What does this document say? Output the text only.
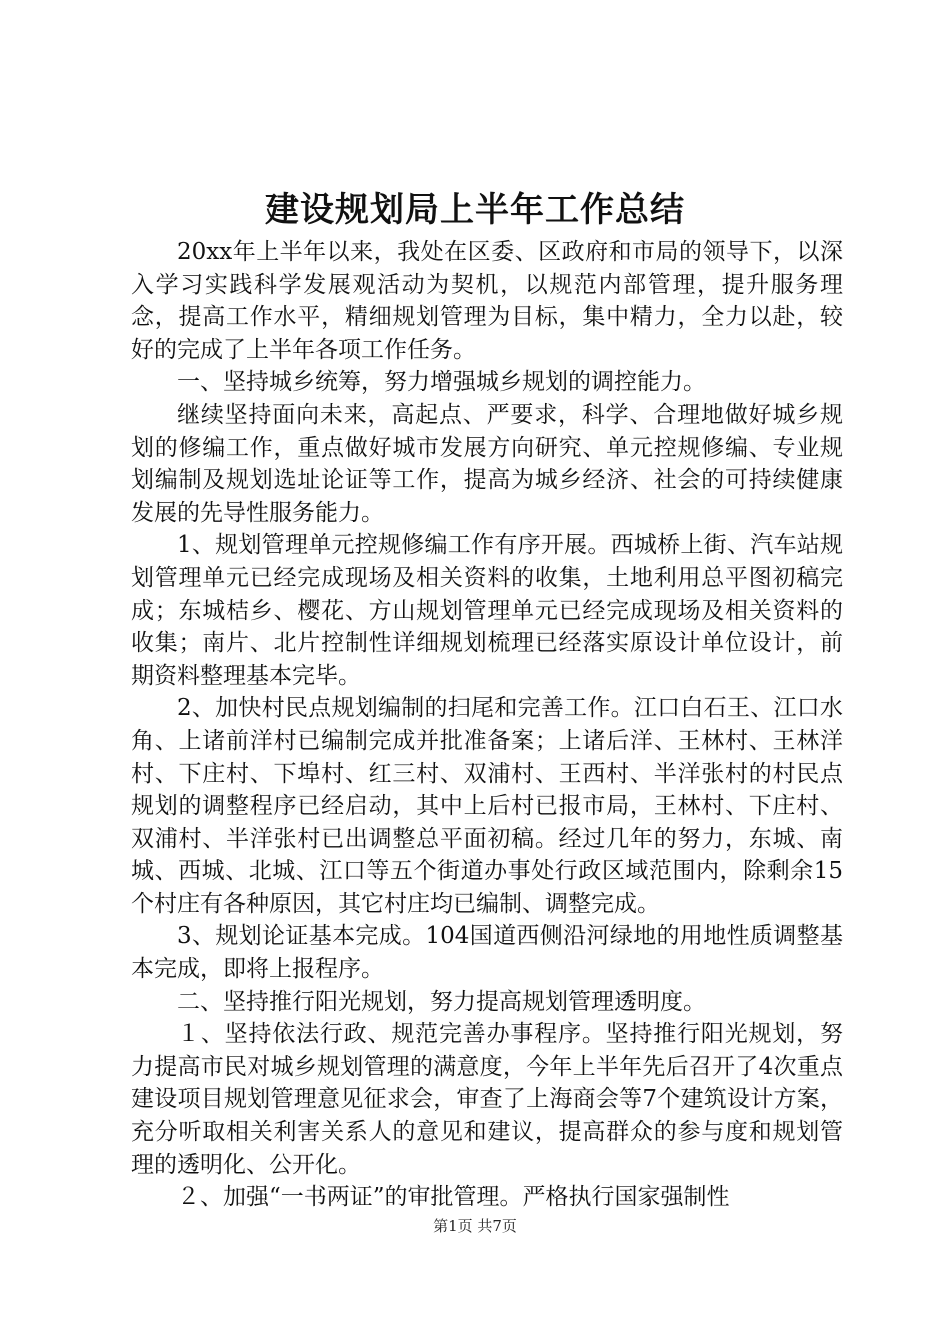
建设规划局上半年工作总结

20xx年上半年以来，我处在区委、区政府和市局的领导下，以深入学习实践科学发展观活动为契机，以规范内部管理，提升服务理念，提高工作水平，精细规划管理为目标，集中精力，全力以赴，较好的完成了上半年各项工作任务。

一、坚持城乡统筹，努力增强城乡规划的调控能力。

继续坚持面向未来，高起点、严要求，科学、合理地做好城乡规划的修编工作，重点做好城市发展方向研究、单元控规修编、专业规划编制及规划选址论证等工作，提高为城乡经济、社会的可持续健康发展的先导性服务能力。

1、规划管理单元控规修编工作有序开展。西城桥上街、汽车站规划管理单元已经完成现场及相关资料的收集，土地利用总平图初稿完成；东城桔乡、樱花、方山规划管理单元已经完成现场及相关资料的收集；南片、北片控制性详细规划梳理已经落实原设计单位设计，前期资料整理基本完毕。

2、加快村民点规划编制的扫尾和完善工作。江口白石王、江口水角、上诸前洋村已编制完成并批准备案；上诸后洋、王林村、王林洋村、下庄村、下埠村、红三村、双浦村、王西村、半洋张村的村民点规划的调整程序已经启动，其中上后村已报市局，王林村、下庄村、双浦村、半洋张村已出调整总平面初稿。经过几年的努力，东城、南城、西城、北城、江口等五个街道办事处行政区域范围内，除剩余15个村庄有各种原因，其它村庄均已编制、调整完成。

3、规划论证基本完成。104国道西侧沿河绿地的用地性质调整基本完成，即将上报程序。

二、坚持推行阳光规划，努力提高规划管理透明度。

１、坚持依法行政、规范完善办事程序。坚持推行阳光规划，努力提高市民对城乡规划管理的满意度，今年上半年先后召开了4次重点建设项目规划管理意见征求会，审查了上海商会等7个建筑设计方案，充分听取相关利害关系人的意见和建议，提高群众的参与度和规划管理的透明化、公开化。

２、加强“一书两证”的审批管理。严格执行国家强制性

第1页 共7页
